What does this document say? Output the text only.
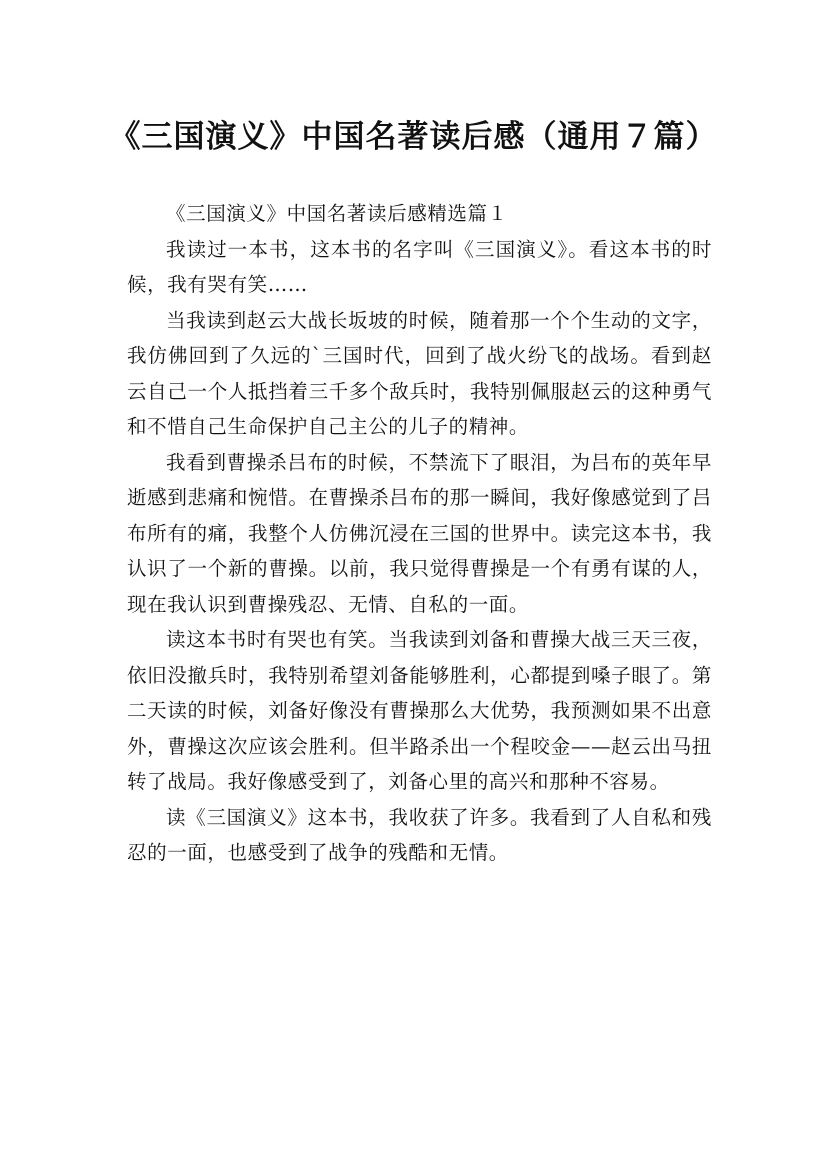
《三国演义》中国名著读后感（通用７篇）

《三国演义》中国名著读后感精选篇１

我读过一本书，这本书的名字叫《三国演义》。看这本书的时候，我有哭有笑……

当我读到赵云大战长坂坡的时候，随着那一个个生动的文字，我仿佛回到了久远的`三国时代，回到了战火纷飞的战场。看到赵云自己一个人抵挡着三千多个敌兵时，我特别佩服赵云的这种勇气和不惜自己生命保护自己主公的儿子的精神。

我看到曹操杀吕布的时候，不禁流下了眼泪，为吕布的英年早逝感到悲痛和惋惜。在曹操杀吕布的那一瞬间，我好像感觉到了吕布所有的痛，我整个人仿佛沉浸在三国的世界中。读完这本书，我认识了一个新的曹操。以前，我只觉得曹操是一个有勇有谋的人，现在我认识到曹操残忍、无情、自私的一面。

读这本书时有哭也有笑。当我读到刘备和曹操大战三天三夜，依旧没撤兵时，我特别希望刘备能够胜利，心都提到嗓子眼了。第二天读的时候，刘备好像没有曹操那么大优势，我预测如果不出意外，曹操这次应该会胜利。但半路杀出一个程咬金——赵云出马扭转了战局。我好像感受到了，刘备心里的高兴和那种不容易。

读《三国演义》这本书，我收获了许多。我看到了人自私和残忍的一面，也感受到了战争的残酷和无情。
